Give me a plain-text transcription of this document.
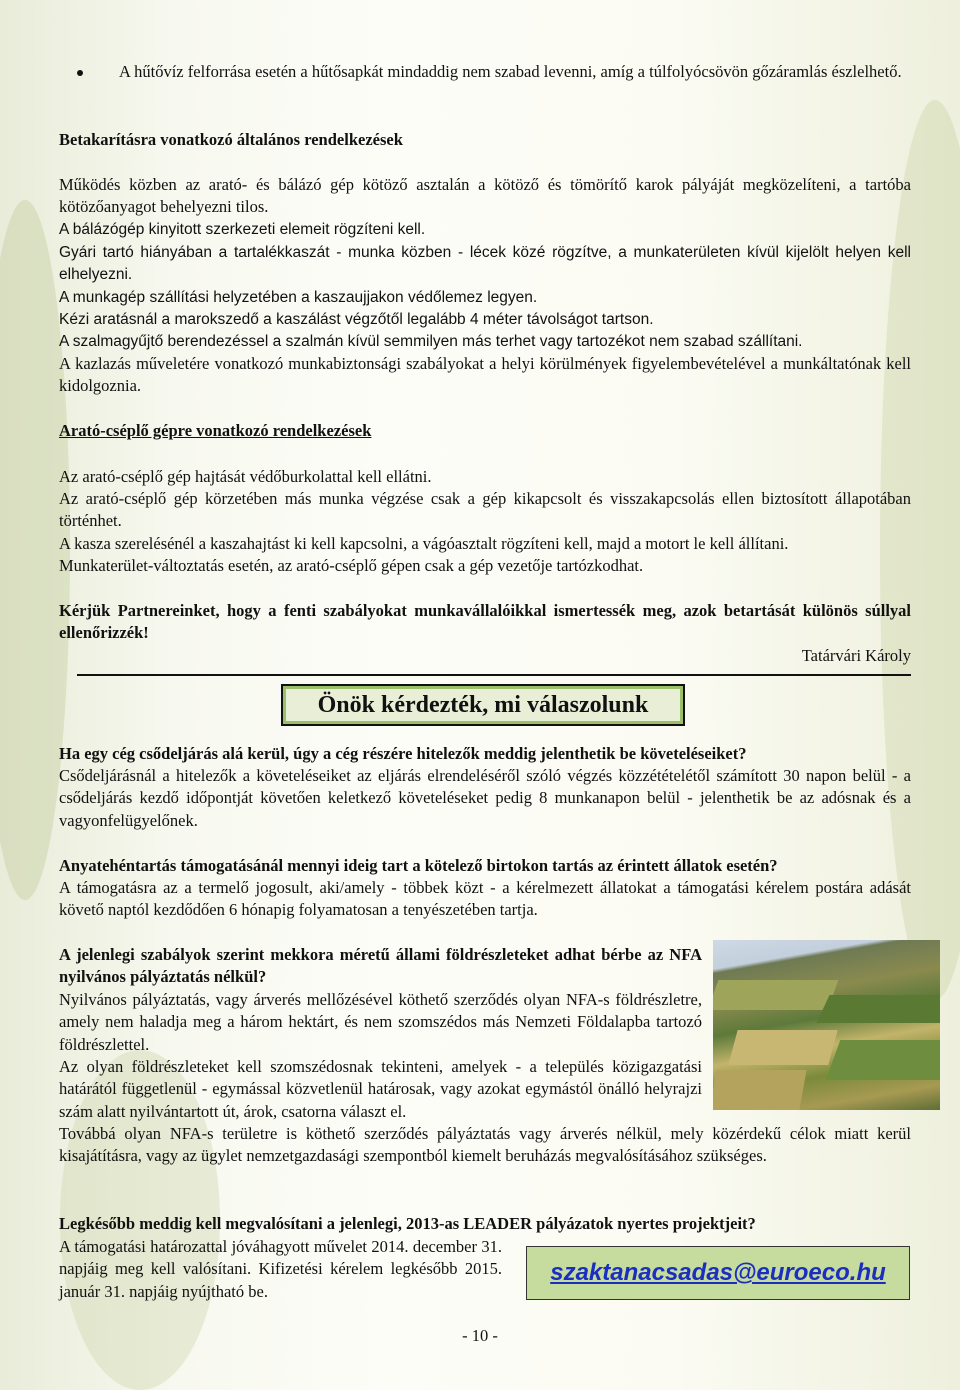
A hűtővíz felforrása esetén a hűtősapkát mindaddig nem szabad levenni, amíg a túlfolyócsövön gőzáramlás észlelhető.

Betakarításra vonatkozó általános rendelkezések

Működés közben az arató- és bálázó gép kötöző asztalán a kötöző és tömörítő karok pályáját megközelíteni, a tartóba kötözőanyagot behelyezni tilos.

A bálázógép kinyitott szerkezeti elemeit rögzíteni kell.

Gyári tartó hiányában a tartalékkaszát - munka közben - lécek közé rögzítve, a munkaterületen kívül kijelölt helyen kell elhelyezni.

A munkagép szállítási helyzetében a kaszaujjakon védőlemez legyen.

Kézi aratásnál a marokszedő a kaszálást végzőtől legalább 4 méter távolságot tartson.

A szalmagyűjtő berendezéssel a szalmán kívül semmilyen más terhet vagy tartozékot nem szabad szállítani.

A kazlazás műveletére vonatkozó munkabiztonsági szabályokat a helyi körülmények figyelembevételével a munkáltatónak kell kidolgoznia.

Arató-cséplő gépre vonatkozó rendelkezések

Az arató-cséplő gép hajtását védőburkolattal kell ellátni.

Az arató-cséplő gép körzetében más munka végzése csak a gép kikapcsolt és visszakapcsolás ellen biztosított állapotában történhet.

A kasza szerelésénél a kaszahajtást ki kell kapcsolni, a vágóasztalt rögzíteni kell, majd a motort le kell állítani.

Munkaterület-változtatás esetén, az arató-cséplő gépen csak a gép vezetője tartózkodhat.

Kérjük Partnereinket, hogy a fenti szabályokat munkavállalóikkal ismertessék meg, azok betartását különös súllyal ellenőrizzék!

Tatárvári Károly

Önök kérdezték, mi válaszolunk

Ha egy cég csődeljárás alá kerül, úgy a cég részére hitelezők meddig jelenthetik be követeléseiket?

Csődeljárásnál a hitelezők a követeléseiket az eljárás elrendeléséről szóló végzés közzétételétől számított 30 napon belül - a csődeljárás kezdő időpontját követően keletkező követeléseket pedig 8 munkanapon belül - jelenthetik be az adósnak és a vagyonfelügyelőnek.

Anyatehéntartás támogatásánál mennyi ideig tart a kötelező birtokon tartás az érintett állatok esetén?

A támogatásra az a termelő jogosult, aki/amely - többek közt - a kérelmezett állatokat a támogatási kérelem postára adását követő naptól kezdődően 6 hónapig folyamatosan a tenyészetében tartja.

A jelenlegi szabályok szerint mekkora méretű állami földrészleteket adhat bérbe az NFA nyilvános pályáztatás nélkül?

Nyilvános pályáztatás, vagy árverés mellőzésével köthető szerződés olyan NFA-s földrészletre, amely nem haladja meg a három hektárt, és nem szomszédos más Nemzeti Földalapba tartozó földrészlettel.

Az olyan földrészleteket kell szomszédosnak tekinteni, amelyek - a település közigazgatási határától függetlenül - egymással közvetlenül határosak, vagy azokat egymástól önálló helyrajzi szám alatt nyilvántartott út, árok, csatorna választ el.

Továbbá olyan NFA-s területre is köthető szerződés pályáztatás vagy árverés nélkül, mely közérdekű célok miatt kerül kisajátításra, vagy az ügylet nemzetgazdasági szempontból kiemelt beruházás megvalósításához szükséges.

Legkésőbb meddig kell megvalósítani a jelenlegi, 2013-as LEADER pályázatok nyertes projektjeit?

A támogatási határozattal jóváhagyott művelet 2014. december 31. napjáig meg kell valósítani. Kifizetési kérelem legkésőbb 2015. január 31. napjáig nyújtható be.

szaktanacsadas@euroeco.hu
- 10 -
